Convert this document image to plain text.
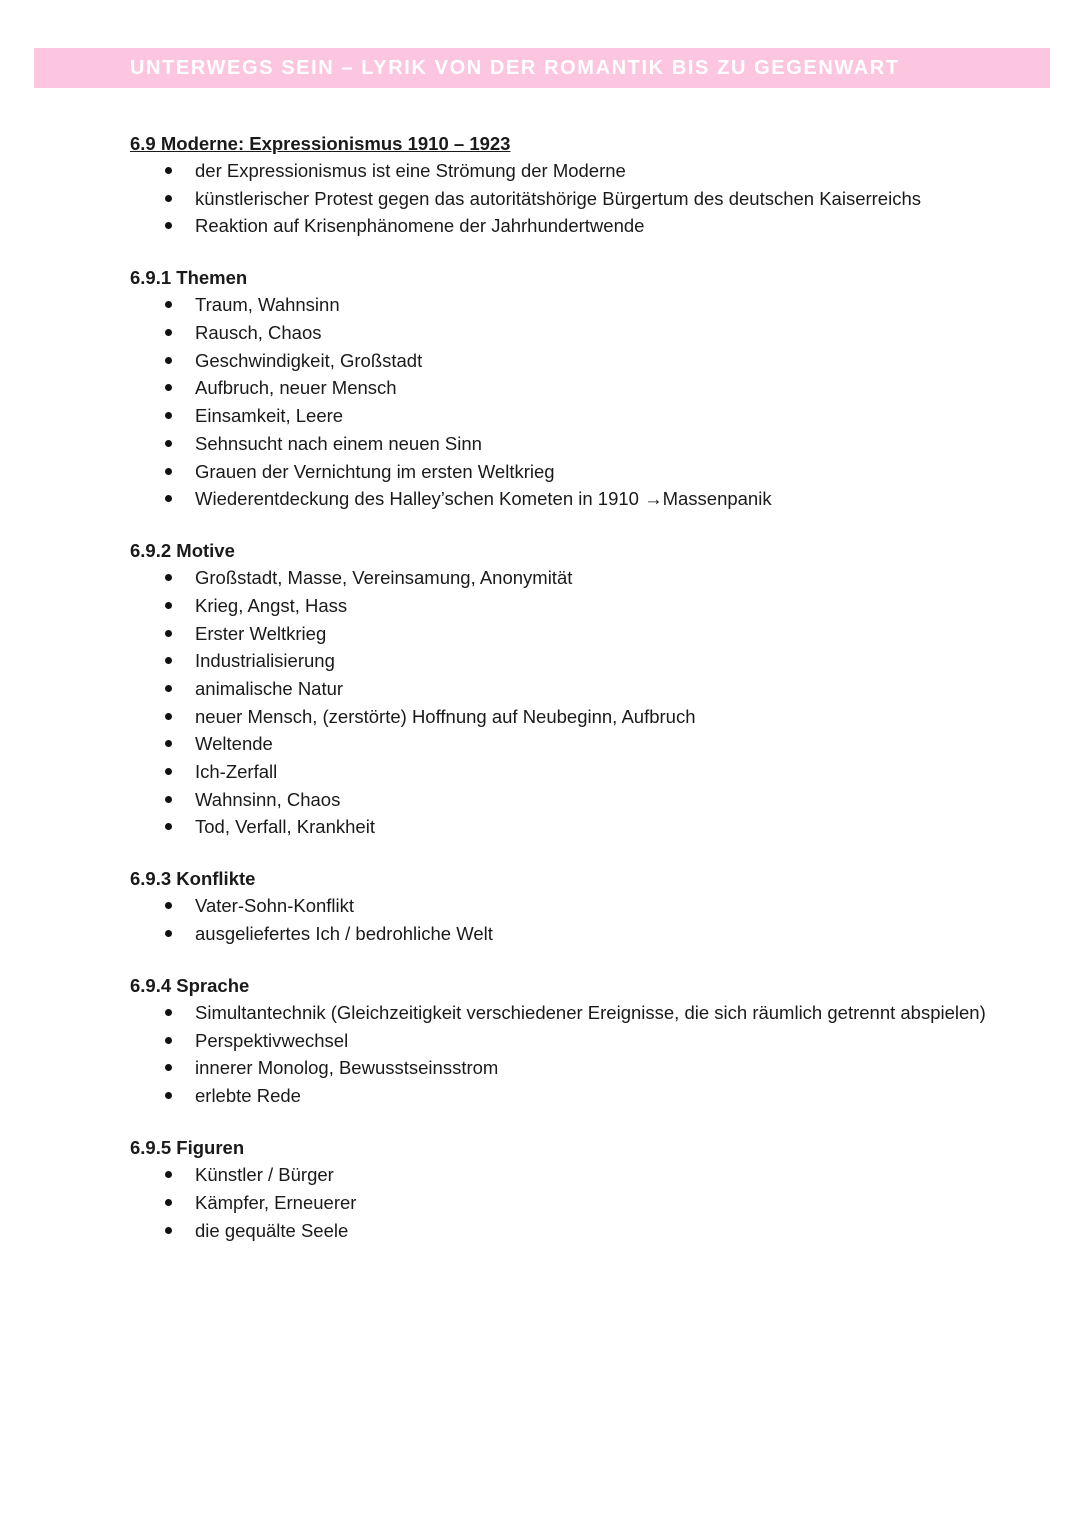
UNTERWEGS SEIN – LYRIK VON DER ROMANTIK BIS ZU GEGENWART
6.9 Moderne: Expressionismus 1910 – 1923
der Expressionismus ist eine Strömung der Moderne
künstlerischer Protest gegen das autoritätshörige Bürgertum des deutschen Kaiserreichs
Reaktion auf Krisenphänomene der Jahrhundertwende
6.9.1 Themen
Traum, Wahnsinn
Rausch, Chaos
Geschwindigkeit, Großstadt
Aufbruch, neuer Mensch
Einsamkeit, Leere
Sehnsucht nach einem neuen Sinn
Grauen der Vernichtung im ersten Weltkrieg
Wiederentdeckung des Halley’schen Kometen in 1910 →Massenpanik
6.9.2 Motive
Großstadt, Masse, Vereinsamung, Anonymität
Krieg, Angst, Hass
Erster Weltkrieg
Industrialisierung
animalische Natur
neuer Mensch, (zerstörte) Hoffnung auf Neubeginn, Aufbruch
Weltende
Ich-Zerfall
Wahnsinn, Chaos
Tod, Verfall, Krankheit
6.9.3 Konflikte
Vater-Sohn-Konflikt
ausgeliefertes Ich / bedrohliche Welt
6.9.4 Sprache
Simultantechnik (Gleichzeitigkeit verschiedener Ereignisse, die sich räumlich getrennt abspielen)
Perspektivwechsel
innerer Monolog, Bewusstseinsstrom
erlebte Rede
6.9.5 Figuren
Künstler / Bürger
Kämpfer, Erneuerer
die gequälte Seele
